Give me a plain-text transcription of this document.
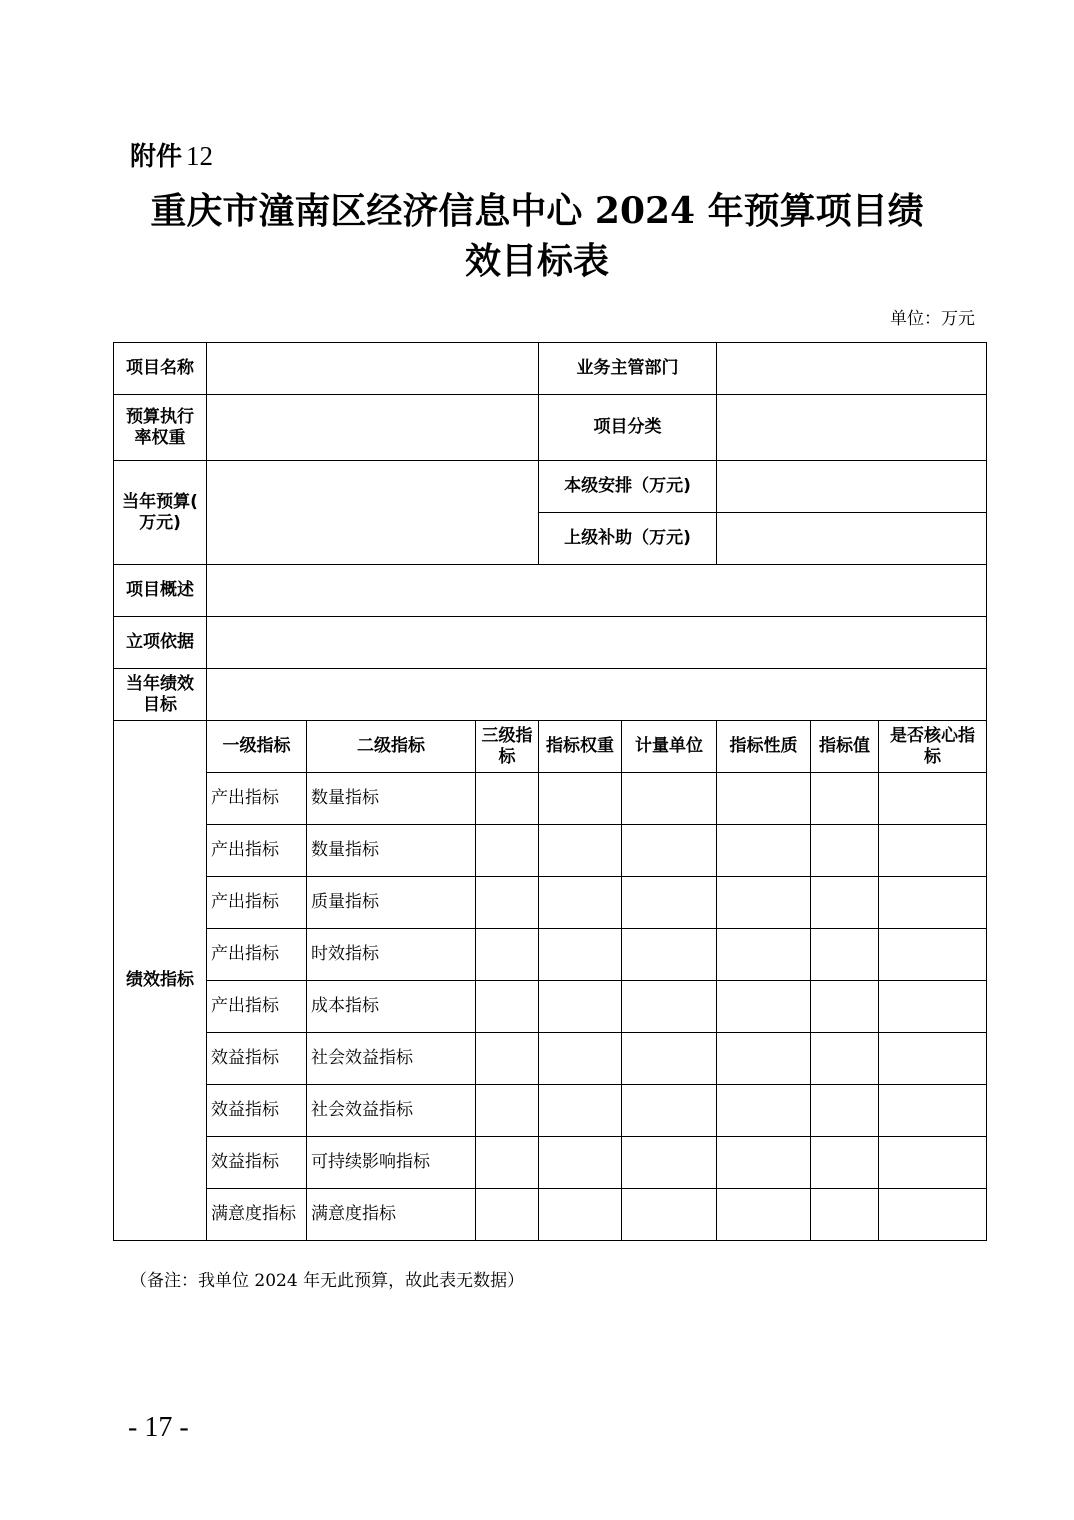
附件 12
重庆市潼南区经济信息中心 2024 年预算项目绩
效目标表
单位：万元
项目名称				业务主管部门				
预算执行率权重				项目分类				
当年预算( 万元)				本级安排（万元)				
				上级补助（万元)				
项目概述								
立项依据								
当年绩效目标								
绩效指标	一级指标	二级指标	三级指标	指标权重	计量单位	指标性质	指标值	是否核心指标
	产出指标	数量指标						
	产出指标	数量指标						
	产出指标	质量指标						
	产出指标	时效指标						
	产出指标	成本指标						
	效益指标	社会效益指标						
	效益指标	社会效益指标						
	效益指标	可持续影响指标						
	满意度指标	满意度指标						
（备注：我单位 2024 年无此预算，故此表无数据）
- 17 -
